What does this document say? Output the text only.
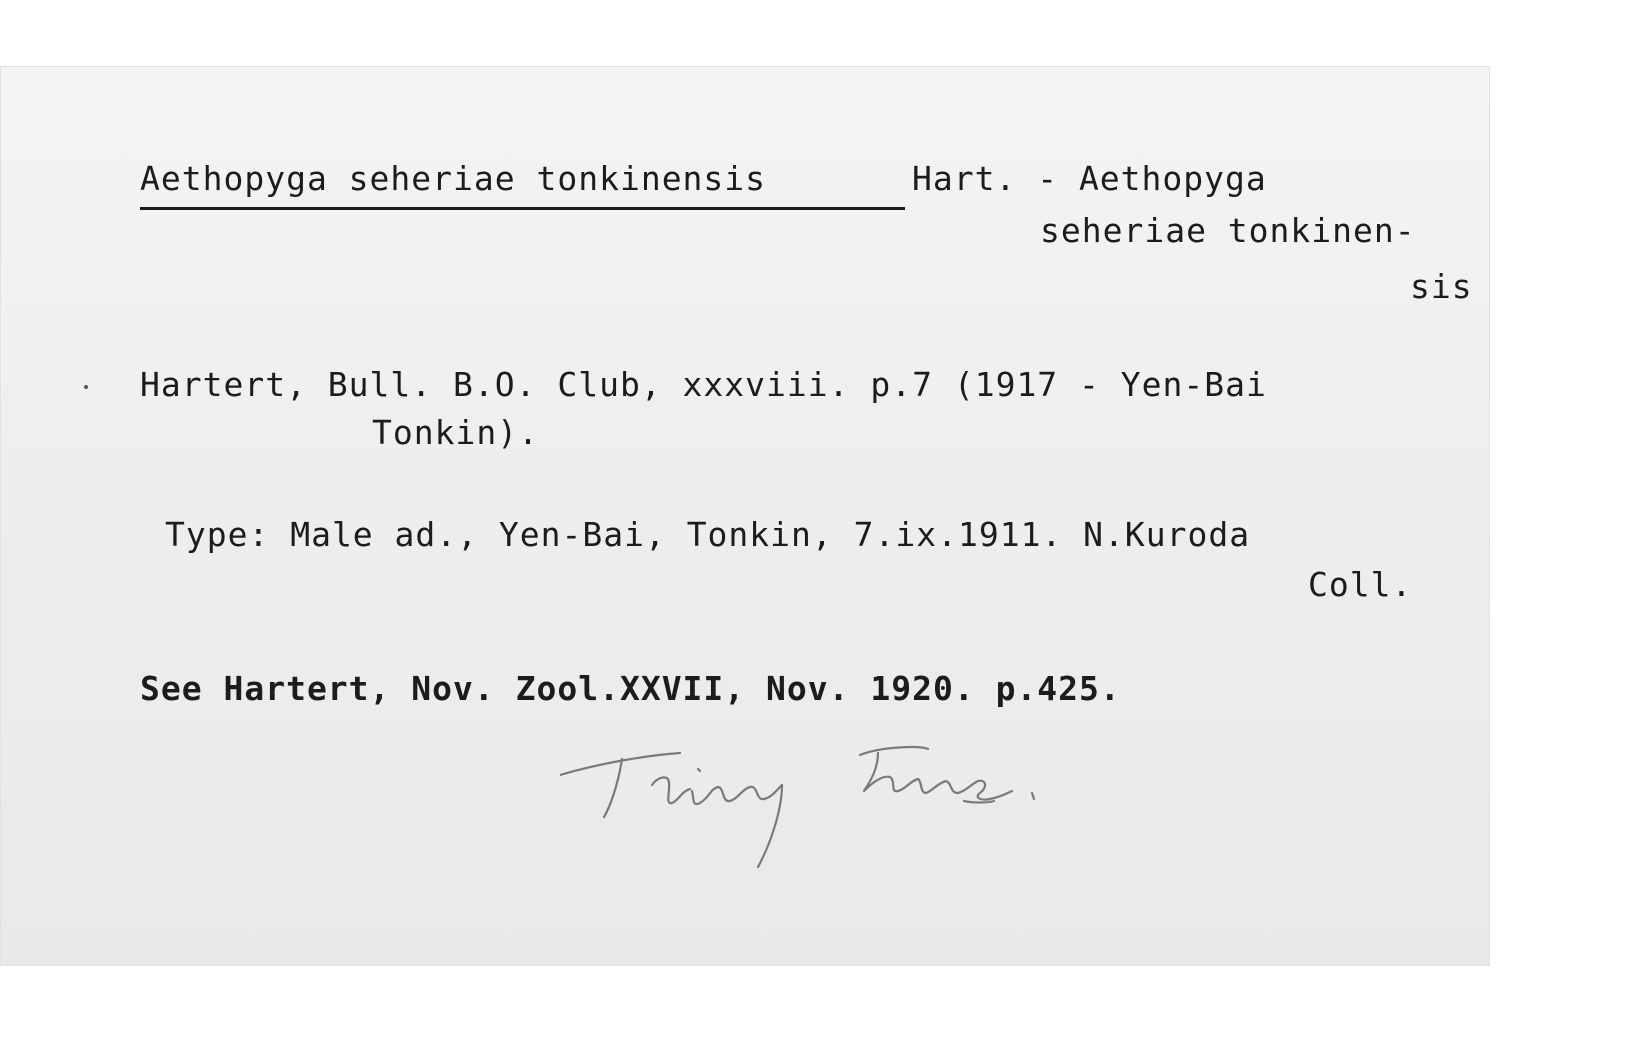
Aethopyga seheriae tonkinensis	Hart. - Aethopyga
seheriae tonkinen-
sis
Hartert, Bull. B.O. Club, xxxviii. p.7 (1917 - Yen-Bai
Tonkin).
Type: Male ad., Yen-Bai, Tonkin, 7.ix.1911. N.Kuroda
Coll.
See Hartert, Nov. Zool.XXVII, Nov. 1920. p.425.
